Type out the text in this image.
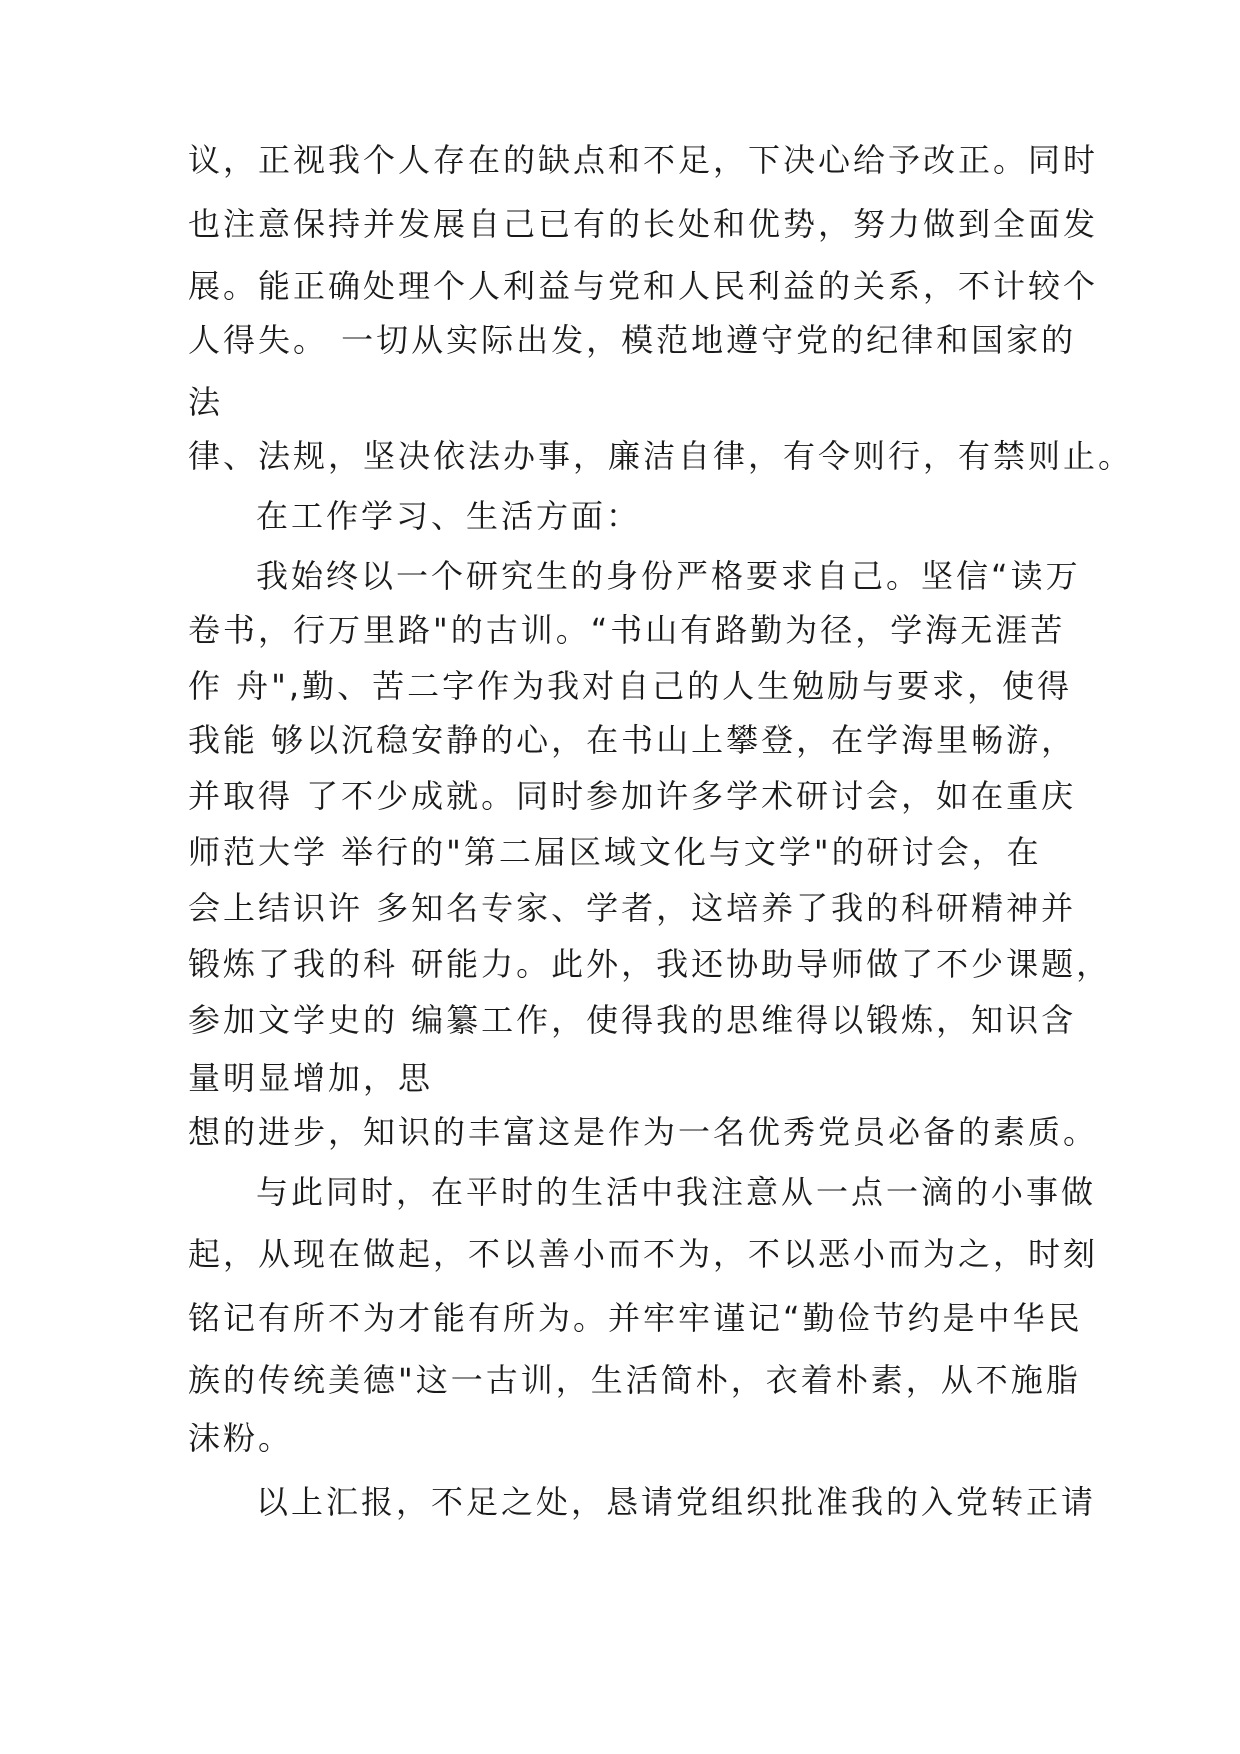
议，正视我个人存在的缺点和不足，下决心给予改正。同时
也注意保持并发展自己已有的长处和优势，努力做到全面发
展。能正确处理个人利益与党和人民利益的关系，不计较个
人得失。 一切从实际出发，模范地遵守党的纪律和国家的
法
律、法规，坚决依法办事，廉洁自律，有令则行，有禁则止。
在工作学习、生活方面：
我始终以一个研究生的身份严格要求自己。坚信“读万
卷书，行万里路"的古训。“书山有路勤为径，学海无涯苦
作 舟",勤、苦二字作为我对自己的人生勉励与要求，使得
我能 够以沉稳安静的心，在书山上攀登，在学海里畅游，
并取得 了不少成就。同时参加许多学术研讨会，如在重庆
师范大学 举行的"第二届区域文化与文学"的研讨会，在
会上结识许 多知名专家、学者，这培养了我的科研精神并
锻炼了我的科 研能力。此外，我还协助导师做了不少课题，
参加文学史的 编纂工作，使得我的思维得以锻炼，知识含
量明显增加，思
想的进步，知识的丰富这是作为一名优秀党员必备的素质。
与此同时，在平时的生活中我注意从一点一滴的小事做
起，从现在做起，不以善小而不为，不以恶小而为之，时刻
铭记有所不为才能有所为。并牢牢谨记“勤俭节约是中华民
族的传统美德"这一古训，生活简朴，衣着朴素，从不施脂
沫粉。
以上汇报，不足之处，恳请党组织批准我的入党转正请
